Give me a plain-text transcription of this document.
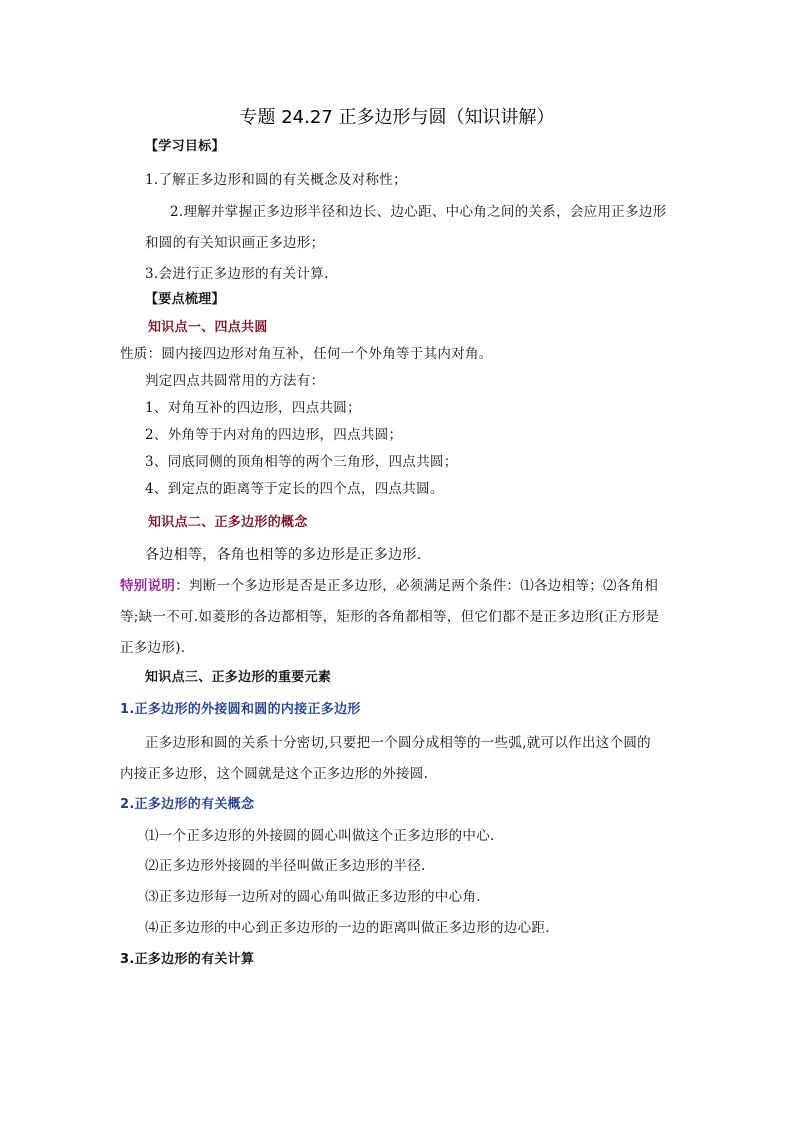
专题 24.27 正多边形与圆（知识讲解）
【学习目标】
1.了解正多边形和圆的有关概念及对称性；
2.理解并掌握正多边形半径和边长、边心距、中心角之间的关系，会应用正多边形
和圆的有关知识画正多边形；
3.会进行正多边形的有关计算.
【要点梳理】
知识点一、四点共圆
性质：圆内接四边形对角互补，任何一个外角等于其内对角。
判定四点共圆常用的方法有：
1、对角互补的四边形，四点共圆；
2、外角等于内对角的四边形，四点共圆；
3、同底同侧的顶角相等的两个三角形，四点共圆；
4、到定点的距离等于定长的四个点，四点共圆。
知识点二、正多边形的概念
各边相等，各角也相等的多边形是正多边形.
特别说明：判断一个多边形是否是正多边形，必须满足两个条件：⑴各边相等；⑵各角相
等;缺一不可.如菱形的各边都相等，矩形的各角都相等，但它们都不是正多边形(正方形是
正多边形).
知识点三、正多边形的重要元素
1.正多边形的外接圆和圆的内接正多边形
正多边形和圆的关系十分密切,只要把一个圆分成相等的一些弧,就可以作出这个圆的
内接正多边形，这个圆就是这个正多边形的外接圆.
2.正多边形的有关概念
⑴一个正多边形的外接圆的圆心叫做这个正多边形的中心.
⑵正多边形外接圆的半径叫做正多边形的半径.
⑶正多边形每一边所对的圆心角叫做正多边形的中心角.
⑷正多边形的中心到正多边形的一边的距离叫做正多边形的边心距.
3.正多边形的有关计算
